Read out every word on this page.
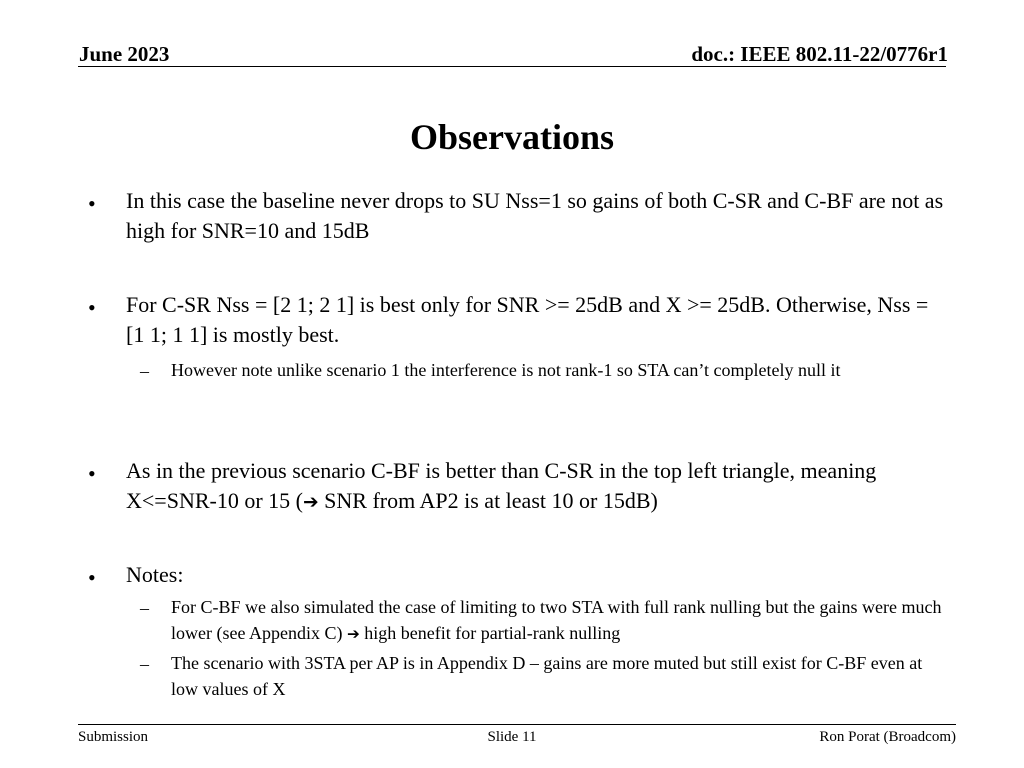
June 2023	doc.: IEEE 802.11-22/0776r1
Observations
• In this case the baseline never drops to SU Nss=1 so gains of both C-SR and C-BF are not as high for SNR=10 and 15dB
• For C-SR Nss = [2 1; 2 1] is best only for SNR >= 25dB and X >= 25dB. Otherwise, Nss = [1 1; 1 1] is mostly best.
– However note unlike scenario 1 the interference is not rank-1 so STA can’t completely null it
• As in the previous scenario C-BF is better than C-SR in the top left triangle, meaning X<=SNR-10 or 15 (➔ SNR from AP2 is at least 10 or 15dB)
• Notes:
– For C-BF we also simulated the case of limiting to two STA with full rank nulling but the gains were much lower (see Appendix C) ➔ high benefit for partial-rank nulling
– The scenario with 3STA per AP is in Appendix D – gains are more muted but still exist for C-BF even at low values of X
Submission	Slide 11	Ron Porat (Broadcom)
